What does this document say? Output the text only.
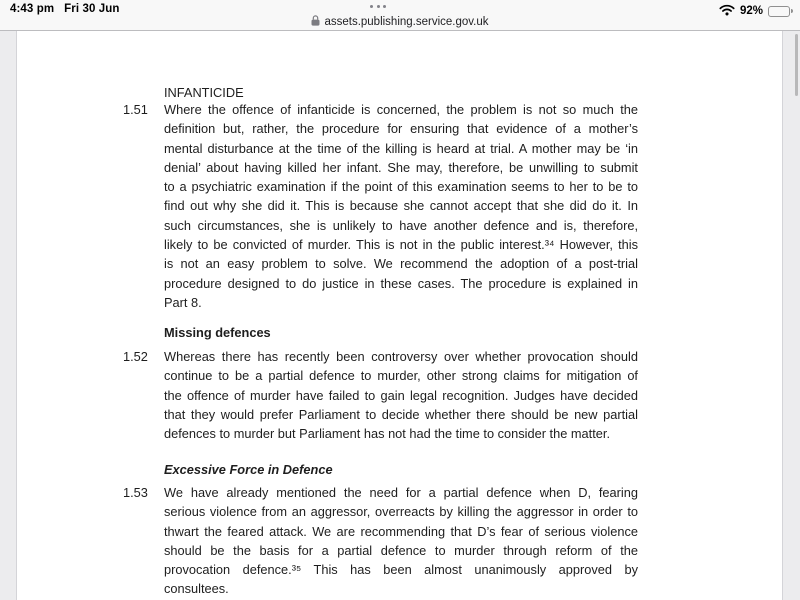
4:43 pm Fri 30 Jun
assets.publishing.service.gov.uk
92%
INFANTICIDE
1.51 Where the offence of infanticide is concerned, the problem is not so much the
definition but, rather, the procedure for ensuring that evidence of a mother’s
mental disturbance at the time of the killing is heard at trial. A mother may be ‘in
denial’ about having killed her infant. She may, therefore, be unwilling to submit
to a psychiatric examination if the point of this examination seems to her to be to
find out why she did it. This is because she cannot accept that she did do it. In
such circumstances, she is unlikely to have another defence and is, therefore,
likely to be convicted of murder. This is not in the public interest.³⁴ However, this
is not an easy problem to solve. We recommend the adoption of a post-trial
procedure designed to do justice in these cases. The procedure is explained in
Part 8.
Missing defences
1.52 Whereas there has recently been controversy over whether provocation should
continue to be a partial defence to murder, other strong claims for mitigation of
the offence of murder have failed to gain legal recognition. Judges have decided
that they would prefer Parliament to decide whether there should be new partial
defences to murder but Parliament has not had the time to consider the matter.
Excessive Force in Defence
1.53 We have already mentioned the need for a partial defence when D, fearing
serious violence from an aggressor, overreacts by killing the aggressor in order to
thwart the feared attack. We are recommending that D’s fear of serious violence
should be the basis for a partial defence to murder through reform of the
provocation defence.³⁵ This has been almost unanimously approved by
consultees.
